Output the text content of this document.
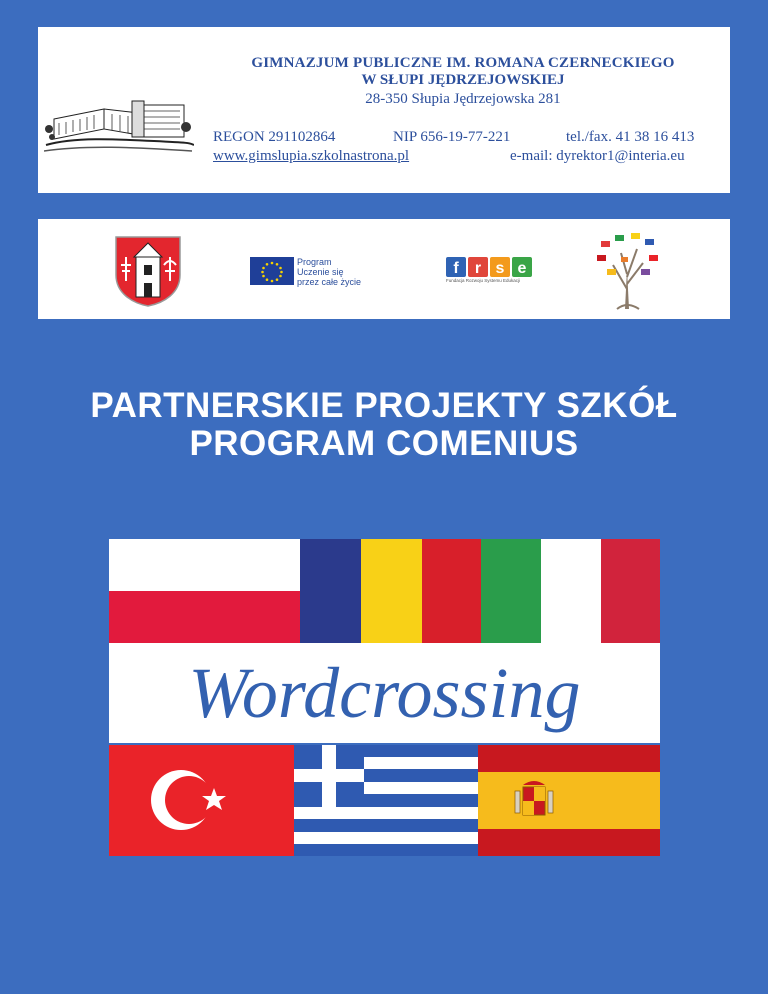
GIMNAZJUM PUBLICZNE IM. ROMANA CZERNECKIEGO
W SŁUPI JĘDRZEJOWSKIEJ
28-350 Słupia Jędrzejowska 281
REGON 291102864	NIP 656-19-77-221	tel./fax. 41 38 16 413
www.gimslupia.szkolnastrona.pl	e-mail: dyrektor1@interia.eu
Program
Uczenie się
przez całe życie
f r s e
Fundacja Rozwoju Systemu Edukacji
PARTNERSKIE PROJEKTY SZKÓŁ
PROGRAM COMENIUS
Wordcrossing
